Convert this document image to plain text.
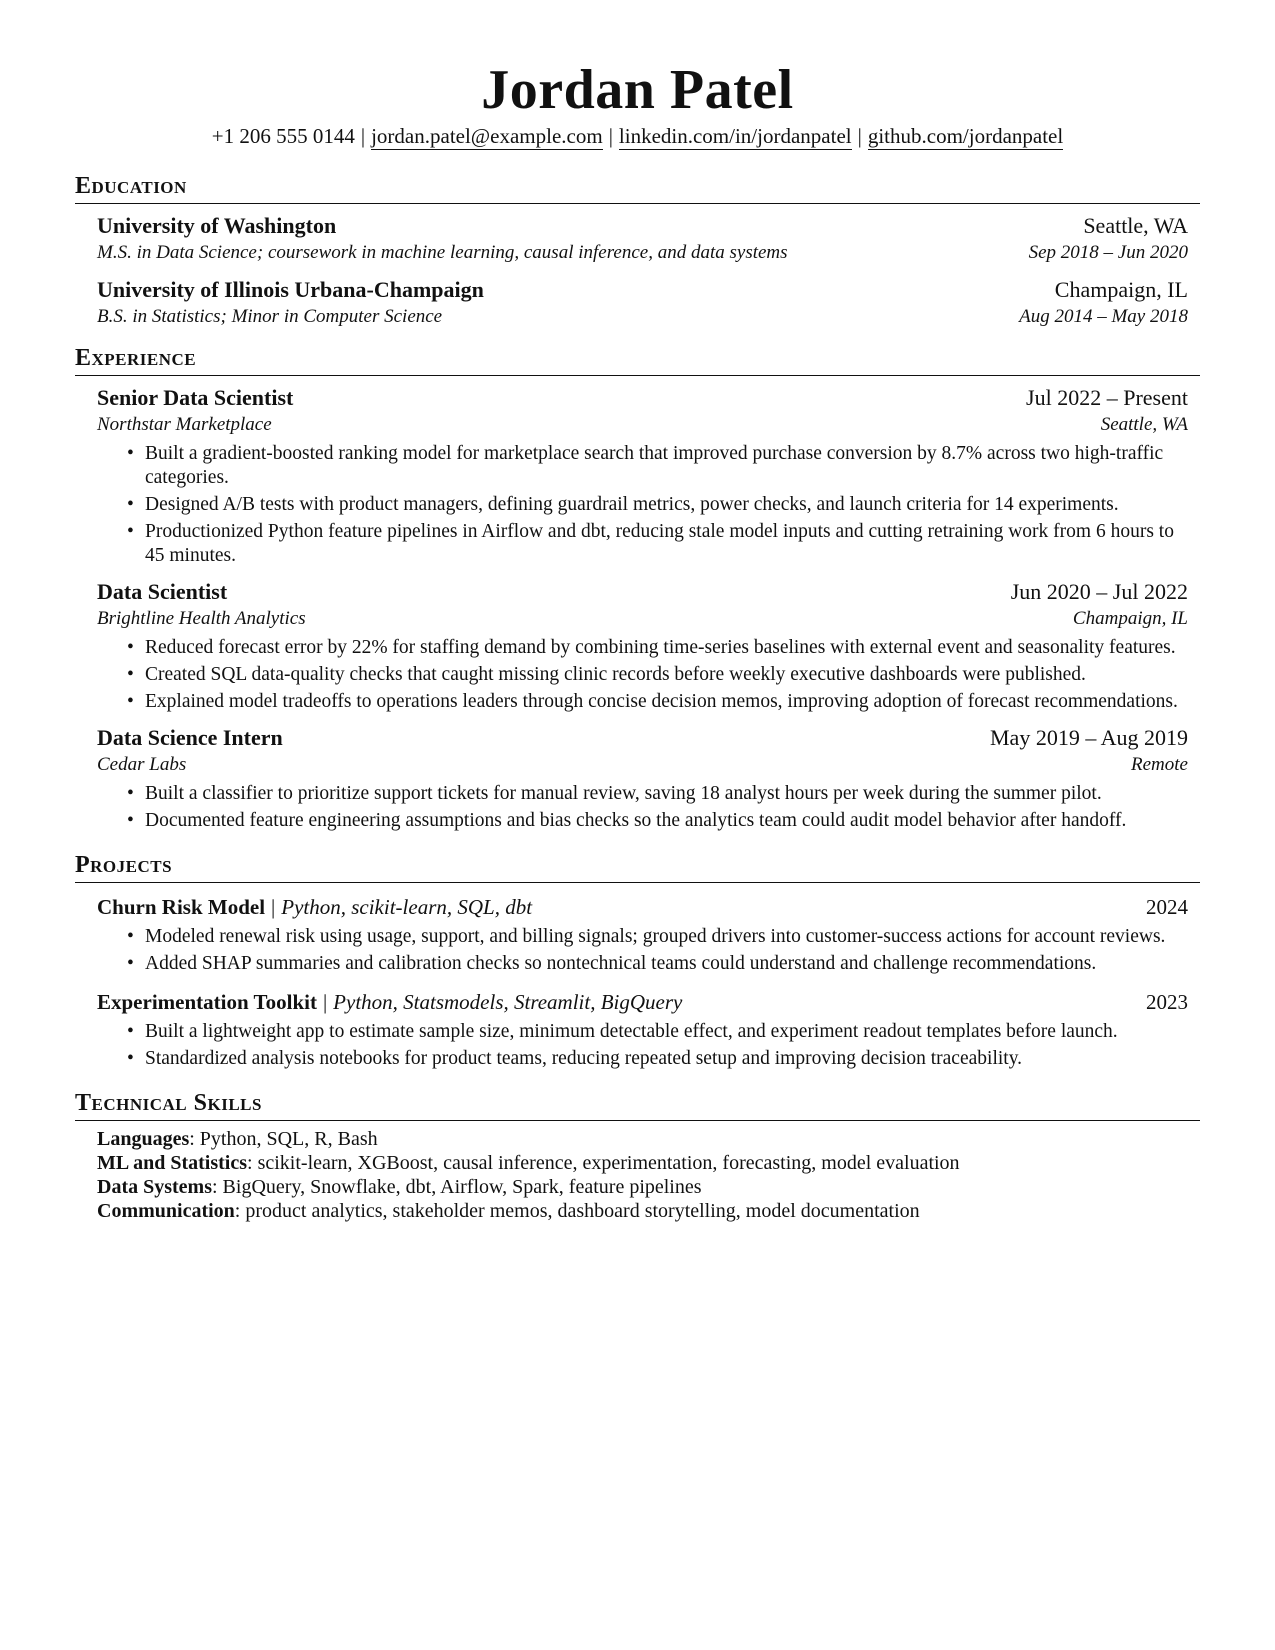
Jordan Patel
+1 206 555 0144 | jordan.patel@example.com | linkedin.com/in/jordanpatel | github.com/jordanpatel
Education
University of Washington	Seattle, WA
M.S. in Data Science; coursework in machine learning, causal inference, and data systems	Sep 2018 – Jun 2020
University of Illinois Urbana-Champaign	Champaign, IL
B.S. in Statistics; Minor in Computer Science	Aug 2014 – May 2018
Experience
Senior Data Scientist	Jul 2022 – Present
Northstar Marketplace	Seattle, WA
• Built a gradient-boosted ranking model for marketplace search that improved purchase conversion by 8.7% across two high-traffic categories.
• Designed A/B tests with product managers, defining guardrail metrics, power checks, and launch criteria for 14 experiments.
• Productionized Python feature pipelines in Airflow and dbt, reducing stale model inputs and cutting retraining work from 6 hours to 45 minutes.
Data Scientist	Jun 2020 – Jul 2022
Brightline Health Analytics	Champaign, IL
• Reduced forecast error by 22% for staffing demand by combining time-series baselines with external event and seasonality features.
• Created SQL data-quality checks that caught missing clinic records before weekly executive dashboards were published.
• Explained model tradeoffs to operations leaders through concise decision memos, improving adoption of forecast recommendations.
Data Science Intern	May 2019 – Aug 2019
Cedar Labs	Remote
• Built a classifier to prioritize support tickets for manual review, saving 18 analyst hours per week during the summer pilot.
• Documented feature engineering assumptions and bias checks so the analytics team could audit model behavior after handoff.
Projects
Churn Risk Model | Python, scikit-learn, SQL, dbt	2024
• Modeled renewal risk using usage, support, and billing signals; grouped drivers into customer-success actions for account reviews.
• Added SHAP summaries and calibration checks so nontechnical teams could understand and challenge recommendations.
Experimentation Toolkit | Python, Statsmodels, Streamlit, BigQuery	2023
• Built a lightweight app to estimate sample size, minimum detectable effect, and experiment readout templates before launch.
• Standardized analysis notebooks for product teams, reducing repeated setup and improving decision traceability.
Technical Skills
Languages: Python, SQL, R, Bash
ML and Statistics: scikit-learn, XGBoost, causal inference, experimentation, forecasting, model evaluation
Data Systems: BigQuery, Snowflake, dbt, Airflow, Spark, feature pipelines
Communication: product analytics, stakeholder memos, dashboard storytelling, model documentation
